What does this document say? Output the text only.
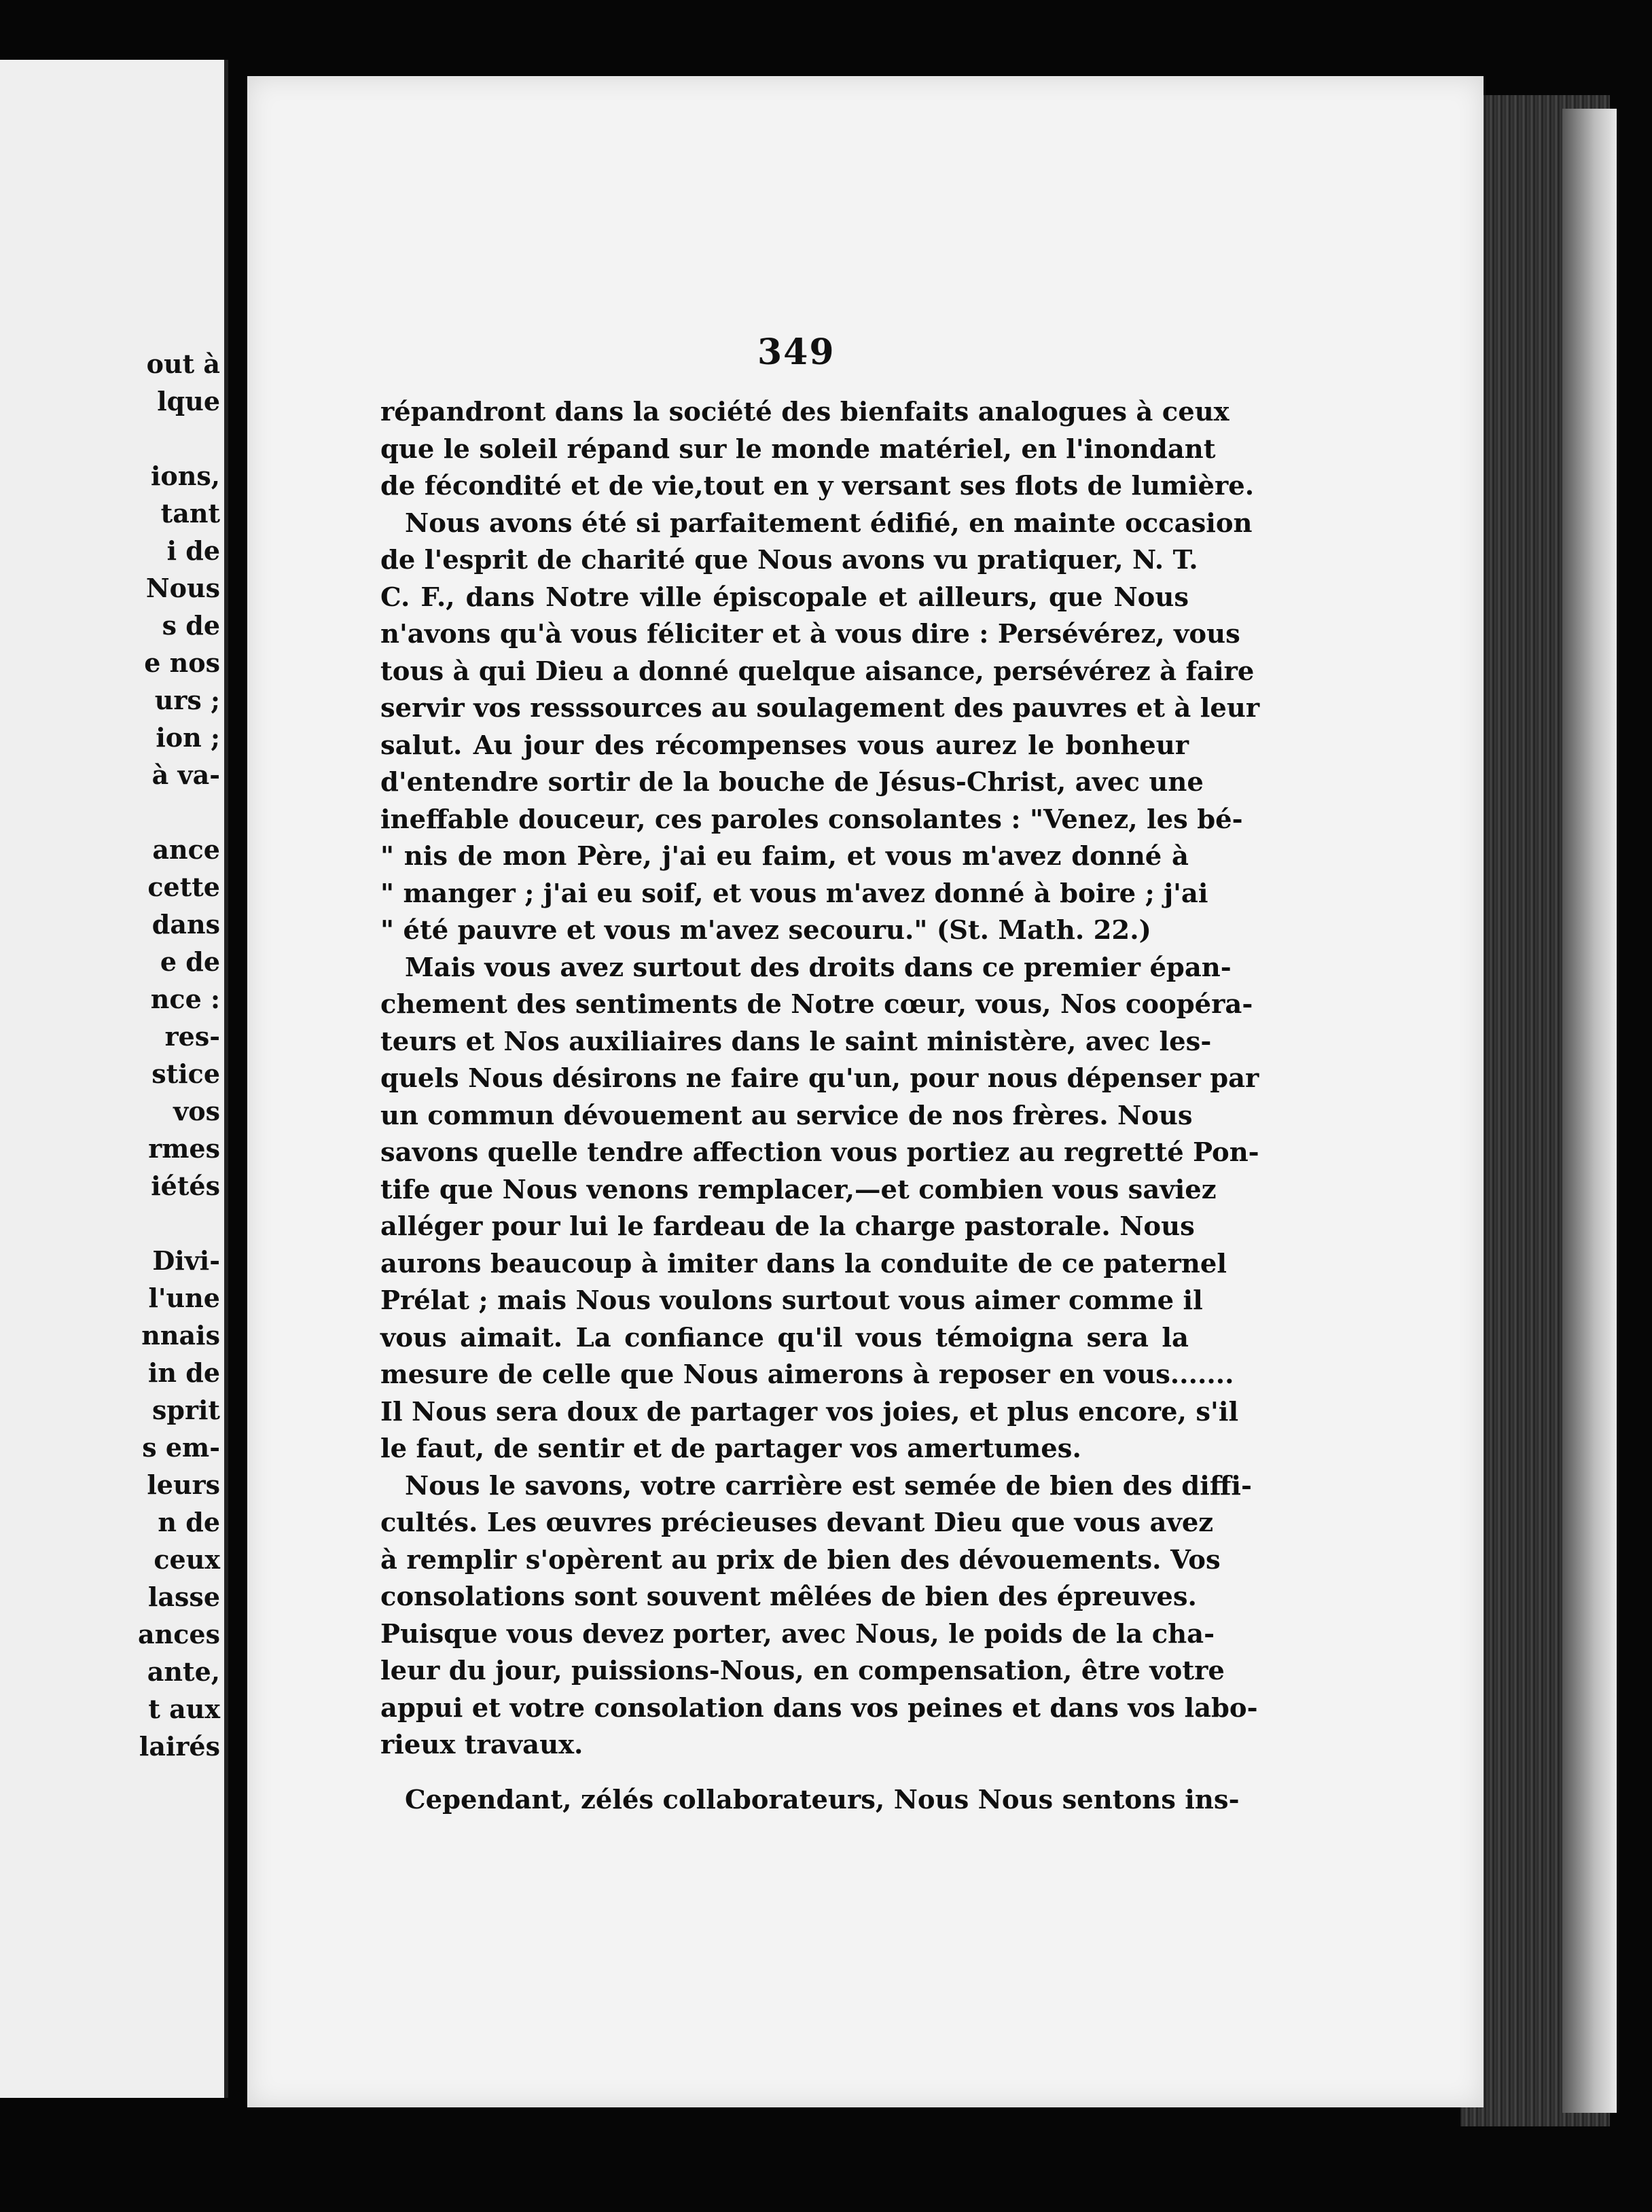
out à
lque
ions,
tant
i de
Nous
s de
e nos
urs ;
ion ;
à va-
ance
cette
dans
e de
nce :
res-
stice
vos
rmes
iétés
Divi-
l'une
nnais
in de
sprit
s em-
leurs
n de
ceux
lasse
ances
ante,
t aux
lairés
349
répandront dans la société des bienfaits analogues à ceux
que le soleil répand sur le monde matériel, en l'inondant
de fécondité et de vie,tout en y versant ses flots de lumière.
Nous avons été si parfaitement édifié, en mainte occasion
de l'esprit de charité que Nous avons vu pratiquer, N. T.
C. F., dans Notre ville épiscopale et ailleurs, que Nous
n'avons qu'à vous féliciter et à vous dire : Persévérez, vous
tous à qui Dieu a donné quelque aisance, persévérez à faire
servir vos resssources au soulagement des pauvres et à leur
salut. Au jour des récompenses vous aurez le bonheur
d'entendre sortir de la bouche de Jésus-Christ, avec une
ineffable douceur, ces paroles consolantes : "Venez, les bé-
" nis de mon Père, j'ai eu faim, et vous m'avez donné à
" manger ; j'ai eu soif, et vous m'avez donné à boire ; j'ai
" été pauvre et vous m'avez secouru." (St. Math. 22.)
Mais vous avez surtout des droits dans ce premier épan-
chement des sentiments de Notre cœur, vous, Nos coopéra-
teurs et Nos auxiliaires dans le saint ministère, avec les-
quels Nous désirons ne faire qu'un, pour nous dépenser par
un commun dévouement au service de nos frères. Nous
savons quelle tendre affection vous portiez au regretté Pon-
tife que Nous venons remplacer,—et combien vous saviez
alléger pour lui le fardeau de la charge pastorale. Nous
aurons beaucoup à imiter dans la conduite de ce paternel
Prélat ; mais Nous voulons surtout vous aimer comme il
vous aimait. La confiance qu'il vous témoigna sera la
mesure de celle que Nous aimerons à reposer en vous.......
Il Nous sera doux de partager vos joies, et plus encore, s'il
le faut, de sentir et de partager vos amertumes.
Nous le savons, votre carrière est semée de bien des diffi-
cultés. Les œuvres précieuses devant Dieu que vous avez
à remplir s'opèrent au prix de bien des dévouements. Vos
consolations sont souvent mêlées de bien des épreuves.
Puisque vous devez porter, avec Nous, le poids de la cha-
leur du jour, puissions-Nous, en compensation, être votre
appui et votre consolation dans vos peines et dans vos labo-
rieux travaux.
Cependant, zélés collaborateurs, Nous Nous sentons ins-
